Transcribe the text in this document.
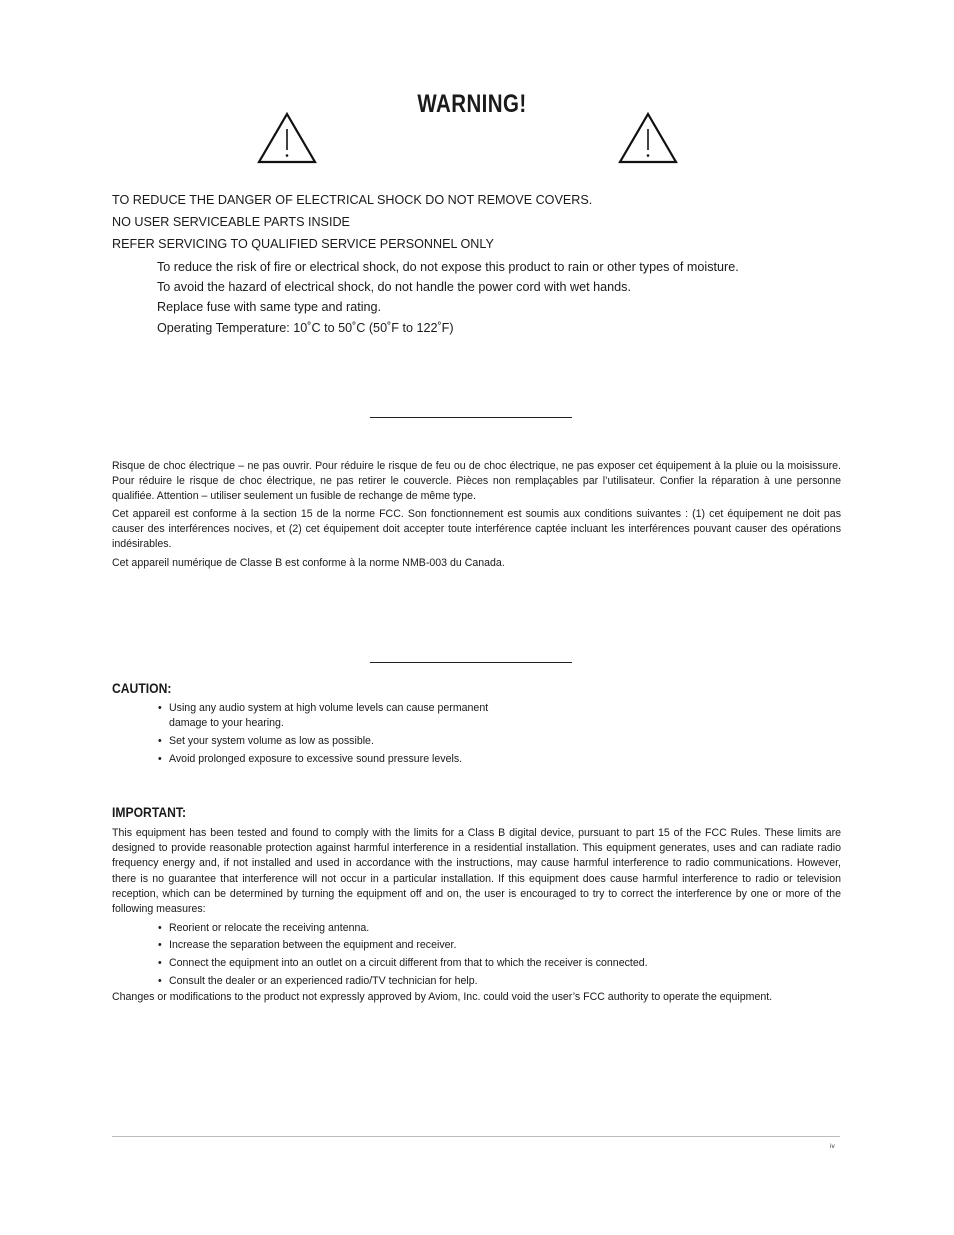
WARNING!
TO REDUCE THE DANGER OF ELECTRICAL SHOCK DO NOT REMOVE COVERS.
NO USER SERVICEABLE PARTS INSIDE
REFER SERVICING TO QUALIFIED SERVICE PERSONNEL ONLY
To reduce the risk of fire or electrical shock, do not expose this product to rain or other types of moisture.
To avoid the hazard of electrical shock, do not handle the power cord with wet hands.
Replace fuse with same type and rating.
Operating Temperature: 10˚C to 50˚C (50˚F to 122˚F)
Risque de choc électrique – ne pas ouvrir. Pour réduire le risque de feu ou de choc électrique, ne pas exposer cet équipement à la pluie ou la moisissure. Pour réduire le risque de choc électrique, ne pas retirer le couvercle. Pièces non remplaçables par l’utilisateur. Confier la réparation à une personne qualifiée. Attention – utiliser seulement un fusible de rechange de même type.
Cet appareil est conforme à la section 15 de la norme FCC. Son fonctionnement est soumis aux conditions suivantes : (1) cet équipement ne doit pas causer des interférences nocives, et (2) cet équipement doit accepter toute interférence captée incluant les interférences pouvant causer des opérations indésirables.
Cet appareil numérique de Classe B est conforme à la norme NMB-003 du Canada.
CAUTION:
• Using any audio system at high volume levels can cause permanent damage to your hearing.
• Set your system volume as low as possible.
• Avoid prolonged exposure to excessive sound pressure levels.
IMPORTANT:
This equipment has been tested and found to comply with the limits for a Class B digital device, pursuant to part 15 of the FCC Rules. These limits are designed to provide reasonable protection against harmful interference in a residential installation. This equipment generates, uses and can radiate radio frequency energy and, if not installed and used in accordance with the instructions, may cause harmful interference to radio communications. However, there is no guarantee that interference will not occur in a particular installation. If this equipment does cause harmful interference to radio or television reception, which can be determined by turning the equipment off and on, the user is encouraged to try to correct the interference by one or more of the following measures:
• Reorient or relocate the receiving antenna.
• Increase the separation between the equipment and receiver.
• Connect the equipment into an outlet on a circuit different from that to which the receiver is connected.
• Consult the dealer or an experienced radio/TV technician for help.
Changes or modifications to the product not expressly approved by Aviom, Inc. could void the user’s FCC authority to operate the equipment.
iv
